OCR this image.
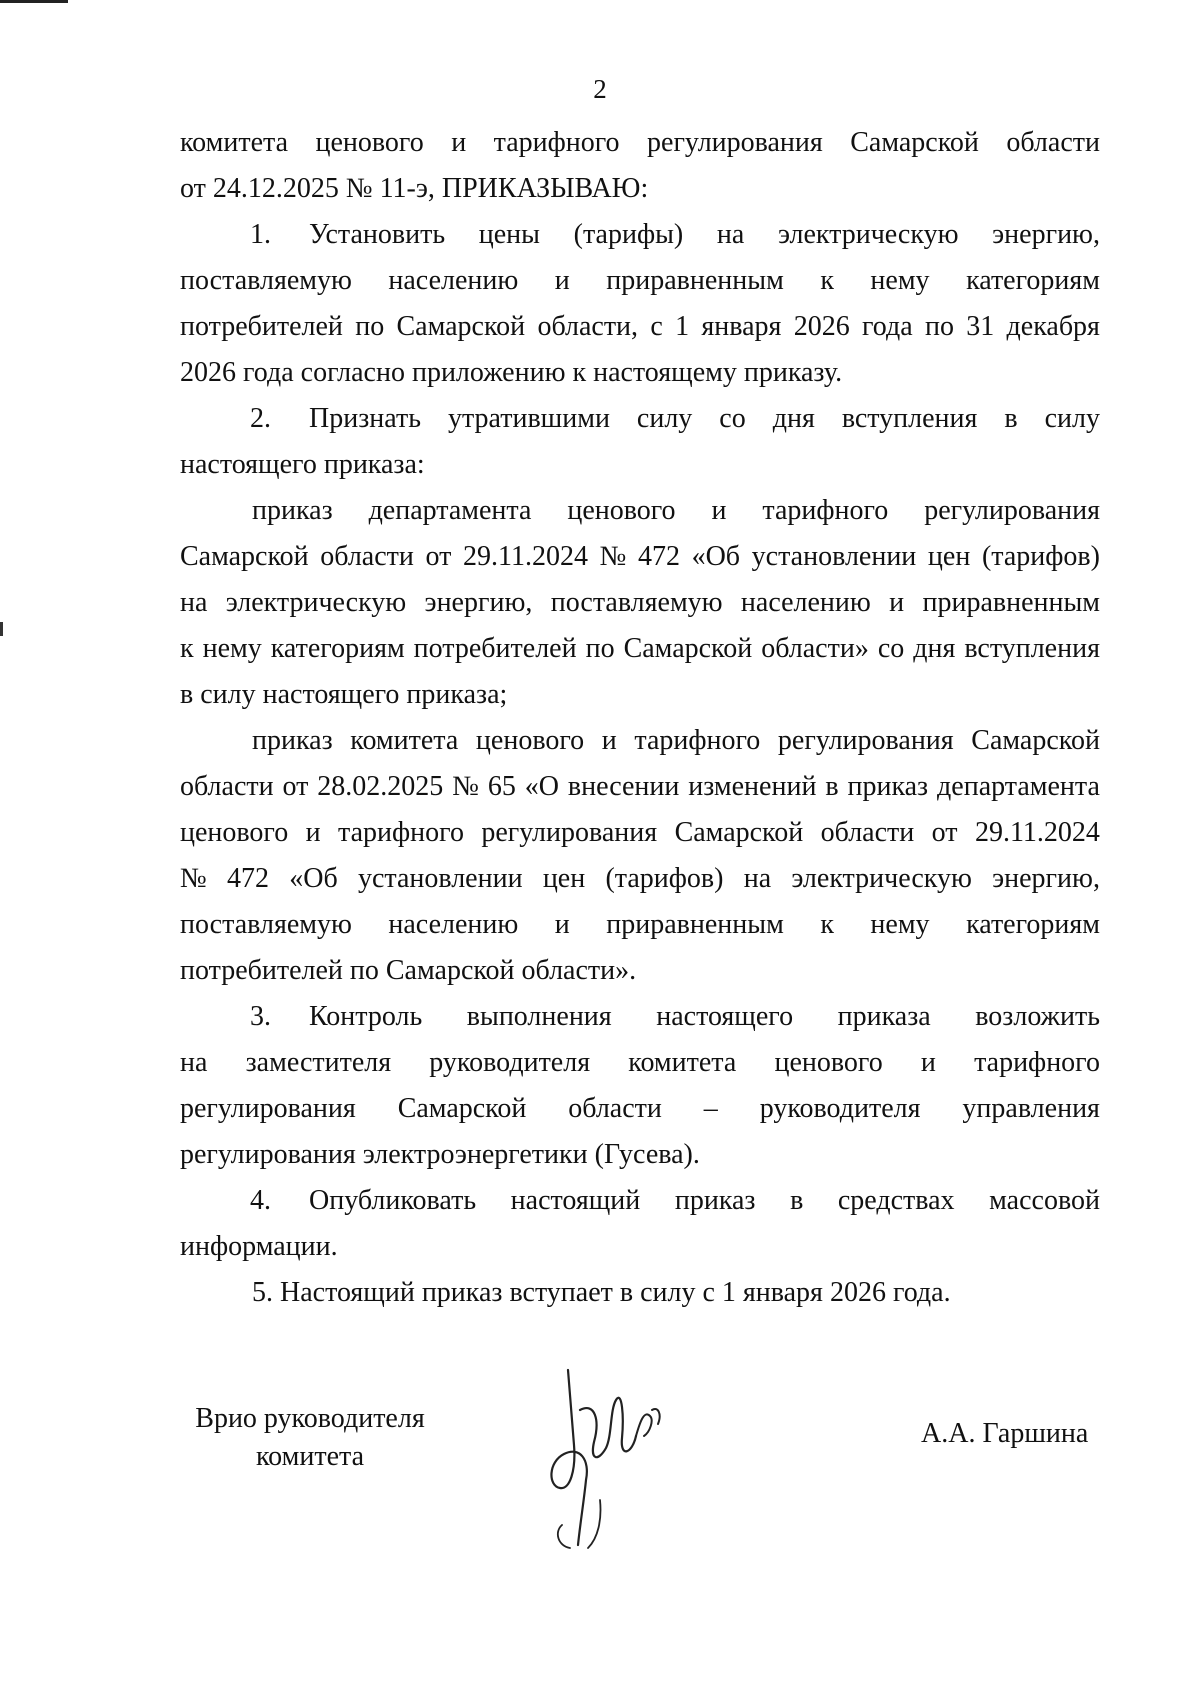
2
комитета ценового и тарифного регулирования Самарской области
от 24.12.2025 № 11-э, ПРИКАЗЫВАЮ:
1.	Установить цены (тарифы) на электрическую энергию,
поставляемую населению и приравненным к нему категориям
потребителей по Самарской области, с 1 января 2026 года по 31 декабря
2026 года согласно приложению к настоящему приказу.
2.	Признать утратившими силу со дня вступления в силу
настоящего приказа:
приказ департамента ценового и тарифного регулирования
Самарской области от 29.11.2024 № 472 «Об установлении цен (тарифов)
на электрическую энергию, поставляемую населению и приравненным
к нему категориям потребителей по Самарской области» со дня вступления
в силу настоящего приказа;
приказ комитета ценового и тарифного регулирования Самарской
области от 28.02.2025 № 65 «О внесении изменений в приказ департамента
ценового и тарифного регулирования Самарской области от 29.11.2024
№ 472 «Об установлении цен (тарифов) на электрическую энергию,
поставляемую населению и приравненным к нему категориям
потребителей по Самарской области».
3.	Контроль выполнения настоящего приказа возложить
на заместителя руководителя комитета ценового и тарифного
регулирования Самарской области – руководителя управления
регулирования электроэнергетики (Гусева).
4.	Опубликовать настоящий приказ в средствах массовой
информации.
5. Настоящий приказ вступает в силу с 1 января 2026 года.
Врио руководителя
комитета
А.А. Гаршина
